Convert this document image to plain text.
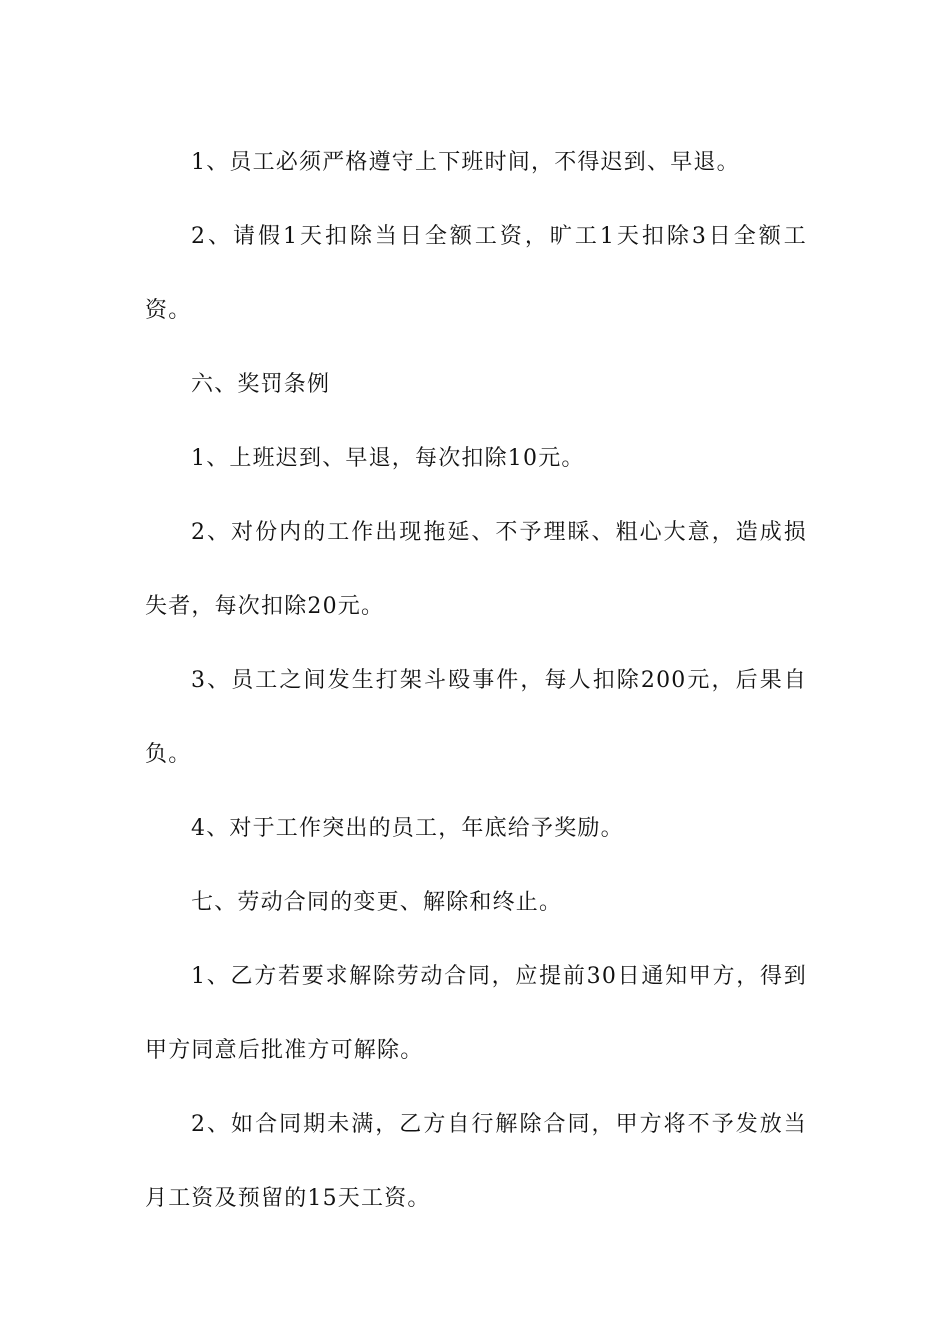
1、员工必须严格遵守上下班时间，不得迟到、早退。

2、请假1天扣除当日全额工资，旷工1天扣除3日全额工资。

六、奖罚条例

1、上班迟到、早退，每次扣除10元。

2、对份内的工作出现拖延、不予理睬、粗心大意，造成损失者，每次扣除20元。

3、员工之间发生打架斗殴事件，每人扣除200元，后果自负。

4、对于工作突出的员工，年底给予奖励。

七、劳动合同的变更、解除和终止。

1、乙方若要求解除劳动合同，应提前30日通知甲方，得到甲方同意后批准方可解除。

2、如合同期未满，乙方自行解除合同，甲方将不予发放当月工资及预留的15天工资。
